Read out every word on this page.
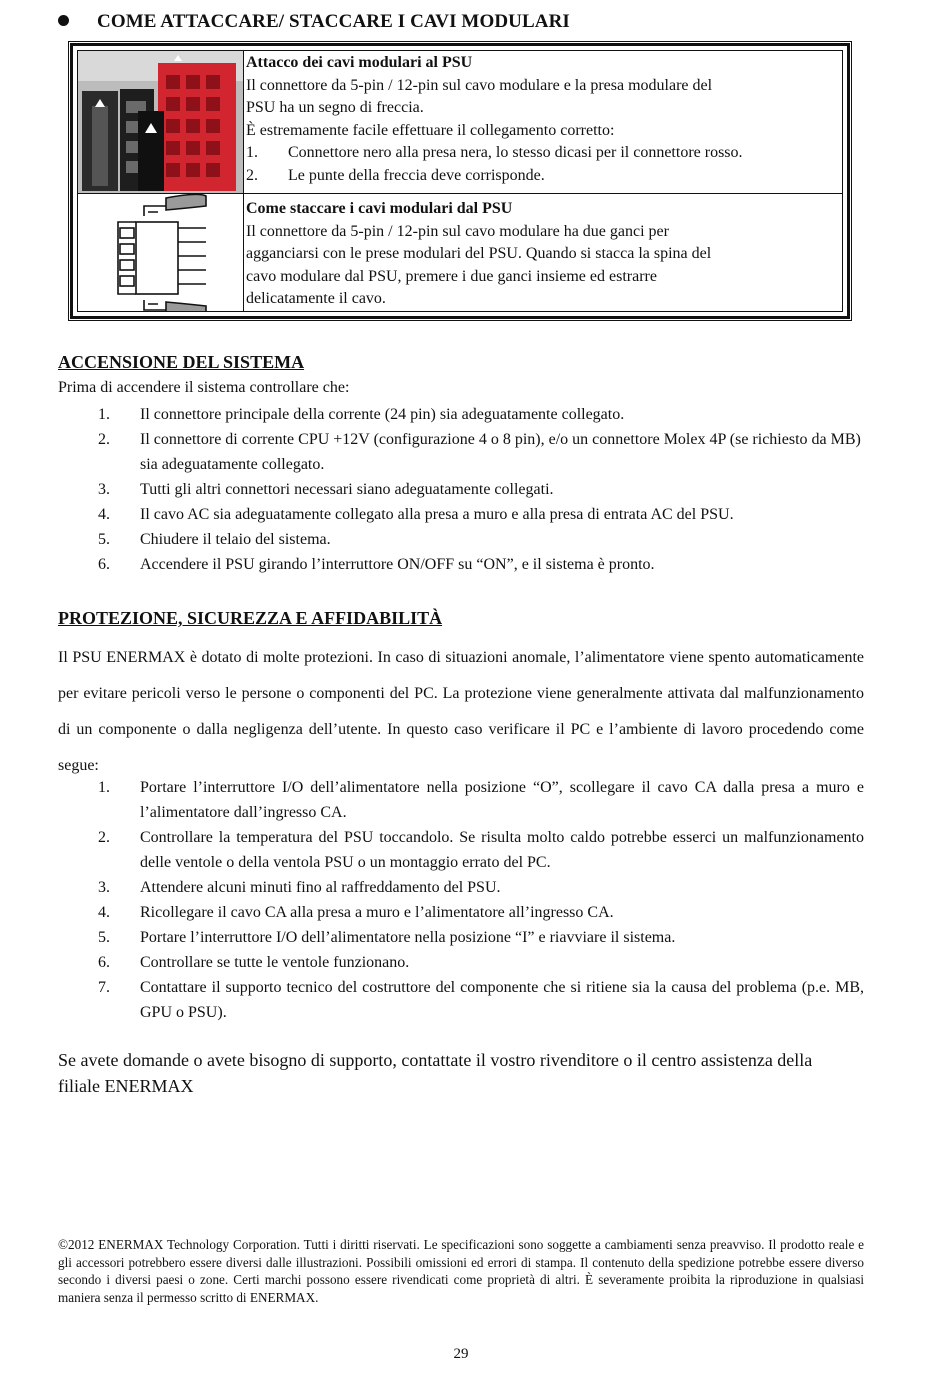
COME ATTACCARE/ STACCARE I CAVI MODULARI
Attacco dei cavi modulari al PSU
Il connettore da 5-pin / 12-pin sul cavo modulare e la presa modulare del
PSU ha un segno di freccia.
È estremamente facile effettuare il collegamento corretto:
1. Connettore nero alla presa nera, lo stesso dicasi per il connettore rosso.
2. Le punte della freccia deve corrisponde.
Come staccare i cavi modulari dal PSU
Il connettore da 5-pin / 12-pin sul cavo modulare ha due ganci per
agganciarsi con le prese modulari del PSU. Quando si stacca la spina del
cavo modulare dal PSU, premere i due ganci insieme ed estrarre
delicatamente il cavo.
ACCENSIONE DEL SISTEMA
Prima di accendere il sistema controllare che:
1. Il connettore principale della corrente (24 pin) sia adeguatamente collegato.
2. Il connettore di corrente CPU +12V (configurazione 4 o 8 pin), e/o un connettore Molex 4P (se richiesto da MB) sia adeguatamente collegato.
3. Tutti gli altri connettori necessari siano adeguatamente collegati.
4. Il cavo AC sia adeguatamente collegato alla presa a muro e alla presa di entrata AC del PSU.
5. Chiudere il telaio del sistema.
6. Accendere il PSU girando l’interruttore ON/OFF su “ON”, e il sistema è pronto.
PROTEZIONE, SICUREZZA E AFFIDABILITÀ
Il PSU ENERMAX è dotato di molte protezioni. In caso di situazioni anomale, l’alimentatore viene spento automaticamente per evitare pericoli verso le persone o componenti del PC. La protezione viene generalmente attivata dal malfunzionamento di un componente o dalla negligenza dell’utente. In questo caso verificare il PC e l’ambiente di lavoro procedendo come segue:
1. Portare l’interruttore I/O dell’alimentatore nella posizione “O”, scollegare il cavo CA dalla presa a muro e l’alimentatore dall’ingresso CA.
2. Controllare la temperatura del PSU toccandolo. Se risulta molto caldo potrebbe esserci un malfunzionamento delle ventole o della ventola PSU o un montaggio errato del PC.
3. Attendere alcuni minuti fino al raffreddamento del PSU.
4. Ricollegare il cavo CA alla presa a muro e l’alimentatore all’ingresso CA.
5. Portare l’interruttore I/O dell’alimentatore nella posizione “I” e riavviare il sistema.
6. Controllare se tutte le ventole funzionano.
7. Contattare il supporto tecnico del costruttore del componente che si ritiene sia la causa del problema (p.e. MB, GPU o PSU).
Se avete domande o avete bisogno di supporto, contattate il vostro rivenditore o il centro assistenza della filiale ENERMAX
©2012 ENERMAX Technology Corporation. Tutti i diritti riservati. Le specificazioni sono soggette a cambiamenti senza preavviso. Il prodotto reale e gli accessori potrebbero essere diversi dalle illustrazioni. Possibili omissioni ed errori di stampa. Il contenuto della spedizione potrebbe essere diverso secondo i diversi paesi o zone. Certi marchi possono essere rivendicati come proprietà di altri. È severamente proibita la riproduzione in qualsiasi maniera senza il permesso scritto di ENERMAX.
29
